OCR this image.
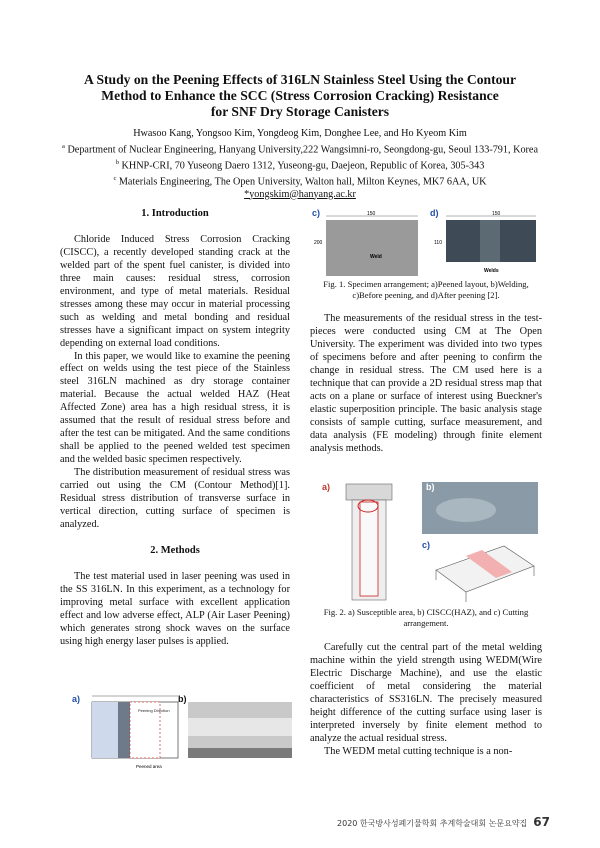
A Study on the Peening Effects of 316LN Stainless Steel Using the Contour
Method to Enhance the SCC (Stress Corrosion Cracking) Resistance
for SNF Dry Storage Canisters
Hwasoo Kang, Yongsoo Kim, Yongdeog Kim, Donghee Lee, and Ho Kyeom Kim
$^a$ Department of Nuclear Engineering, Hanyang University,222 Wangsimni-ro, Seongdong-gu, Seoul 133-791, Korea
$^b$ KHNP-CRI, 70 Yuseong Daero 1312, Yuseong-gu, Daejeon, Republic of Korea, 305-343
$^c$ Materials Engineering, The Open University, Walton hall, Milton Keynes, MK7 6AA, UK
*yongskim@hanyang.ac.kr

1. Introduction

Chloride Induced Stress Corrosion Cracking (CISCC), a recently developed standing crack at the welded part of the spent fuel canister, is divided into three main causes: residual stress, corrosion environment, and type of metal materials. Residual stresses among these may occur in material processing such as welding and metal bonding and residual stresses have a significant impact on system integrity depending on external load conditions.

In this paper, we would like to examine the peening effect on welds using the test piece of the Stainless steel 316LN machined as dry storage container material. Because the actual welded HAZ (Heat Affected Zone) area has a high residual stress, it is assumed that the result of residual stress before and after the test can be mitigated. And the same conditions shall be applied to the peened welded test specimen and the welded basic specimen respectively.

The distribution measurement of residual stress was carried out using the CM (Contour Method)[1]. Residual stress distribution of transverse surface in vertical direction, cutting surface of specimen is analyzed.

2. Methods

The test material used in laser peening was used in the SS 316LN. In this experiment, as a technology for improving metal surface with excellent application effect and low adverse effect, ALP (Air Laser Peening) which generates strong shock waves on the surface using high energy laser pulses is applied.

Peened area
Peening Direction
a)	b)
150
200
150
110
Weld
Welds
c)	d)
Fig. 1. Specimen arrangement; a)Peened layout, b)Welding, c)Before peening, and d)After peening [2].

The measurements of the residual stress in the test-pieces were conducted using CM at The Open University. The experiment was divided into two types of specimens before and after peening to confirm the change in residual stress. The CM used here is a technique that can provide a 2D residual stress map that acts on a plane or surface of interest using Bueckner's elastic superposition principle. The basic analysis stage consists of sample cutting, surface measurement, and data analysis (FE modeling) through finite element analysis methods.

a)	b)
c)
Fig. 2. a) Susceptible area, b) CISCC(HAZ), and c) Cutting arrangement.

Carefully cut the central part of the metal welding machine within the yield strength using WEDM(Wire Electric Discharge Machine), and use the elastic coefficient of metal considering the material characteristics of SS316LN. The precisely measured height difference of the cutting surface using laser is interpreted inversely by finite element method to analyze the actual residual stress.

The WEDM metal cutting technique is a non-

2020 한국방사성폐기물학회 추계학술대회 논문요약집 67
